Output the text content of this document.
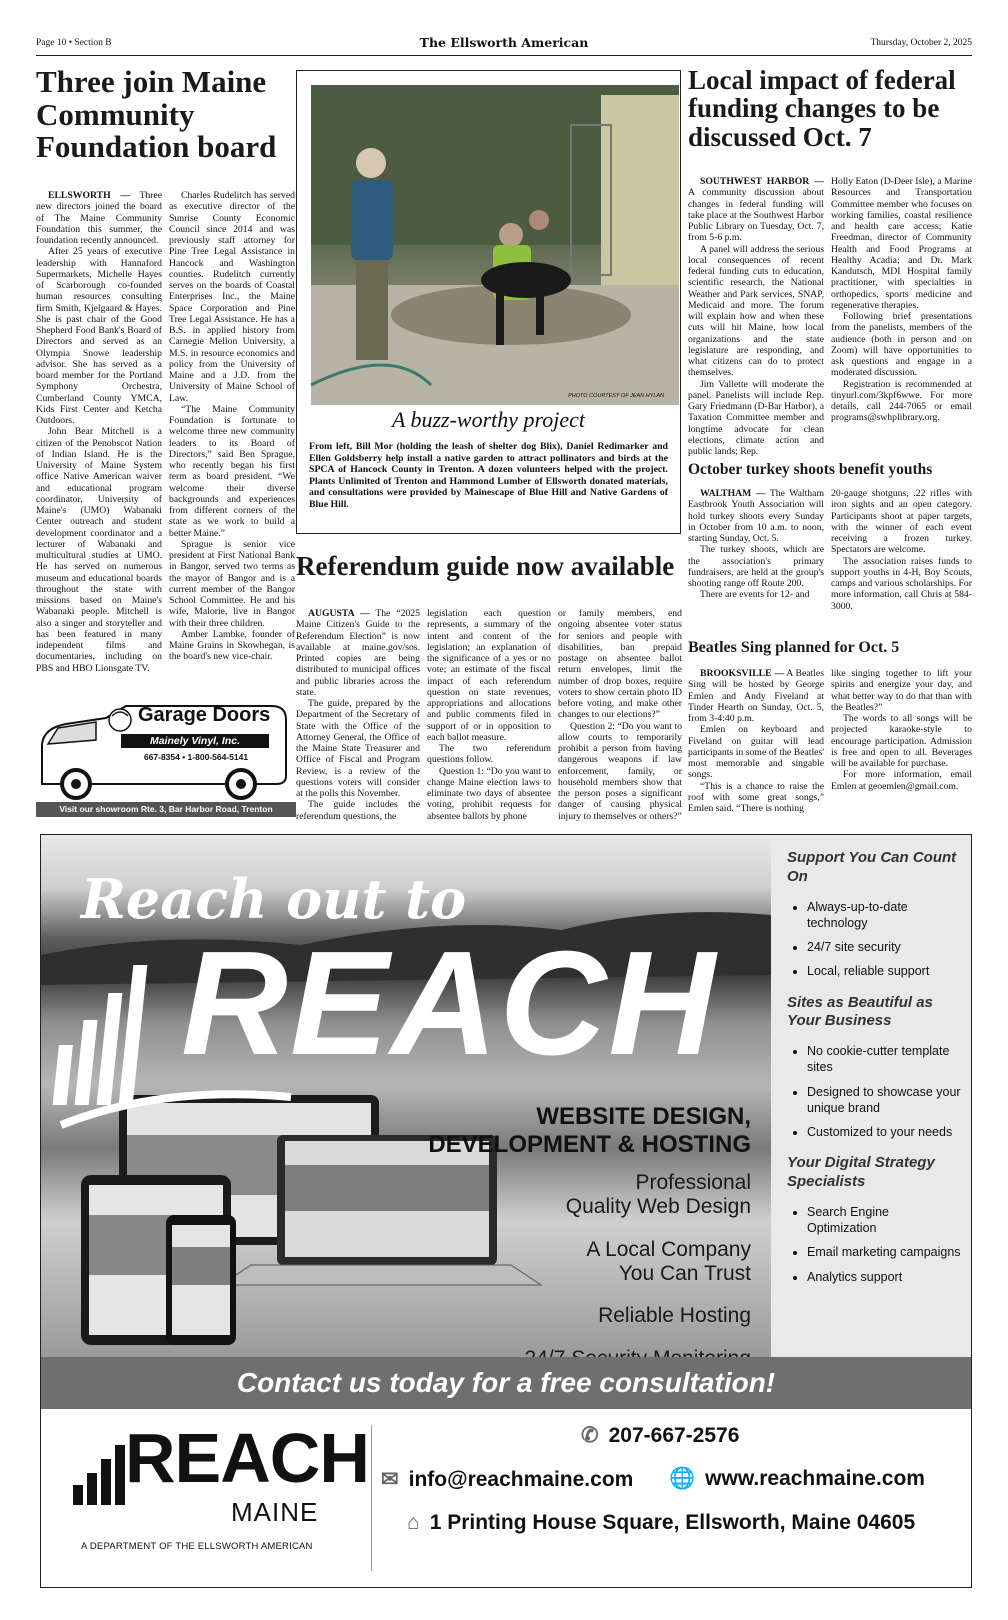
Page 10 • Section B	The Ellsworth American	Thursday, October 2, 2025
Three join Maine Community Foundation board

ELLSWORTH — Three new directors joined the board of The Maine Community Foundation this summer, the foundation recently announced.

After 25 years of executive leadership with Hannaford Supermarkets, Michelle Hayes of Scarborough co-founded human resources consulting firm Smith, Kjelgaard & Hayes. She is past chair of the Good Shepherd Food Bank's Board of Directors and served as an Olympia Snowe leadership advisor. She has served as a board member for the Portland Symphony Orchestra, Cumberland County YMCA, Kids First Center and Ketcha Outdoors.

John Bear Mitchell is a citizen of the Penobscot Nation of Indian Island. He is the University of Maine System office Native American waiver and educational program coordinator, University of Maine's (UMO) Wabanaki Center outreach and student development coordinator and a lecturer of Wabanaki and multicultural studies at UMO. He has served on numerous museum and educational boards throughout the state with missions based on Maine's Wabanaki people. Mitchell is also a singer and storyteller and has been featured in many independent films and documentaries, including on PBS and HBO Lionsgate TV.

Charles Rudelitch has served as executive director of the Sunrise County Economic Council since 2014 and was previously staff attorney for Pine Tree Legal Assistance in Hancock and Washington counties. Rudelitch currently serves on the boards of Coastal Enterprises Inc., the Maine Space Corporation and Pine Tree Legal Assistance. He has a B.S. in applied history from Carnegie Mellon University, a M.S. in resource economics and policy from the University of Maine and a J.D. from the University of Maine School of Law.

“The Maine Community Foundation is fortunate to welcome three new community leaders to its Board of Directors,” said Ben Sprague, who recently began his first term as board president. “We welcome their diverse backgrounds and experiences from different corners of the state as we work to build a better Maine.”

Sprague is senior vice president at First National Bank in Bangor, served two terms as the mayor of Bangor and is a current member of the Bangor School Committee. He and his wife, Malorie, live in Bangor with their three children.

Amber Lambke, founder of Maine Grains in Skowhegan, is the board's new vice-chair.

Garage Doors
Mainely Vinyl, Inc.
667-8354 • 1-800-564-5141
Visit our showroom Rte. 3, Bar Harbor Road, Trenton
PHOTO COURTESY OF JEAN HYLAN
A buzz-worthy project
From left, Bill Mor (holding the leash of shelter dog Blix), Daniel Redimarker and Ellen Goldsberry help install a native garden to attract pollinators and birds at the SPCA of Hancock County in Trenton. A dozen volunteers helped with the project. Plants Unlimited of Trenton and Hammond Lumber of Ellsworth donated materials, and consultations were provided by Mainescape of Blue Hill and Native Gardens of Blue Hill.
Referendum guide now available

AUGUSTA — The “2025 Maine Citizen's Guide to the Referendum Election” is now available at maine.gov/sos. Printed copies are being distributed to municipal offices and public libraries across the state.

The guide, prepared by the Department of the Secretary of State with the Office of the Attorney General, the Office of the Maine State Treasurer and Office of Fiscal and Program Review, is a review of the questions voters will consider at the polls this November.

The guide includes the referendum questions, the

legislation each question represents, a summary of the intent and content of the legislation; an explanation of the significance of a yes or no vote; an estimate of the fiscal impact of each referendum question on state revenues, appropriations and allocations and public comments filed in support of or in opposition to each ballot measure.

The two referendum questions follow.

Question 1: “Do you want to change Maine election laws to eliminate two days of absentee voting, prohibit requests for absentee ballots by phone

or family members, end ongoing absentee voter status for seniors and people with disabilities, ban prepaid postage on absentee ballot return envelopes, limit the number of drop boxes, require voters to show certain photo ID before voting, and make other changes to our elections?”

Question 2: “Do you want to allow courts to temporarily prohibit a person from having dangerous weapons if law enforcement, family, or household members show that the person poses a significant danger of causing physical injury to themselves or others?”

Local impact of federal funding changes to be discussed Oct. 7

SOUTHWEST HARBOR — A community discussion about changes in federal funding will take place at the Southwest Harbor Public Library on Tuesday, Oct. 7, from 5-6 p.m.

A panel will address the serious local consequences of recent federal funding cuts to education, scientific research, the National Weather and Park services, SNAP, Medicaid and more. The forum will explain how and when these cuts will hit Maine, how local organizations and the state legislature are responding, and what citizens can do to protect themselves.

Jim Vallette will moderate the panel. Panelists will include Rep. Gary Friedmann (D-Bar Harbor), a Taxation Committee member and longtime advocate for clean elections, climate action and public lands; Rep.

Holly Eaton (D-Deer Isle), a Marine Resources and Transportation Committee member who focuses on working families, coastal resilience and health care access; Katie Freedman, director of Community Health and Food Programs at Healthy Acadia; and Dr. Mark Kandutsch, MDI Hospital family practitioner, with specialties in orthopedics, sports medicine and regenerative therapies.

Following brief presentations from the panelists, members of the audience (both in person and on Zoom) will have opportunities to ask questions and engage in a moderated discussion.

Registration is recommended at tinyurl.com/3kpf6wwe. For more details, call 244-7065 or email programs@swhplibrary.org.

October turkey shoots benefit youths

WALTHAM — The Waltham Eastbrook Youth Association will hold turkey shoots every Sunday in October from 10 a.m. to noon, starting Sunday, Oct. 5.

The turkey shoots, which are the association's primary fundraisers, are held at the group's shooting range off Route 200.

There are events for 12- and

20-gauge shotguns, .22 rifles with iron sights and an open category. Participants shoot at paper targets, with the winner of each event receiving a frozen turkey. Spectators are welcome.

The association raises funds to support youths in 4-H, Boy Scouts, camps and various scholarships. For more information, call Chris at 584-3000.

Beatles Sing planned for Oct. 5

BROOKSVILLE — A Beatles Sing will be hosted by George Emlen and Andy Fiveland at Tinder Hearth on Sunday, Oct. 5, from 3-4:40 p.m.

Emlen on keyboard and Fiveland on guitar will lead participants in some of the Beatles' most memorable and singable songs.

“This is a chance to raise the roof with some great songs,” Emlen said. “There is nothing

like singing together to lift your spirits and energize your day, and what better way to do that than with the Beatles?”

The words to all songs will be projected karaoke-style to encourage participation. Admission is free and open to all. Beverages will be available for purchase.

For more information, email Emlen at geoemlen@gmail.com.

Reach out to
REACH
WEBSITE DESIGN,
DEVELOPMENT & HOSTING
Professional
Quality Web Design
A Local Company
You Can Trust
Reliable Hosting
Support You Can Count On
• Always-up-to-date technology
• 24/7 site security
• Local, reliable support
Sites as Beautiful as Your Business
• No cookie-cutter template sites
• Designed to showcase your unique brand
• Customized to your needs
Your Digital Strategy Specialists
• Search Engine Optimization
• Email marketing campaigns
• Analytics support
Contact us today for a free consultation!
REACH
MAINE
A DEPARTMENT OF THE ELLSWORTH AMERICAN
✆ 207-667-2576
✉ info@reachmaine.com 🌐 www.reachmaine.com
⌂ 1 Printing House Square, Ellsworth, Maine 04605
